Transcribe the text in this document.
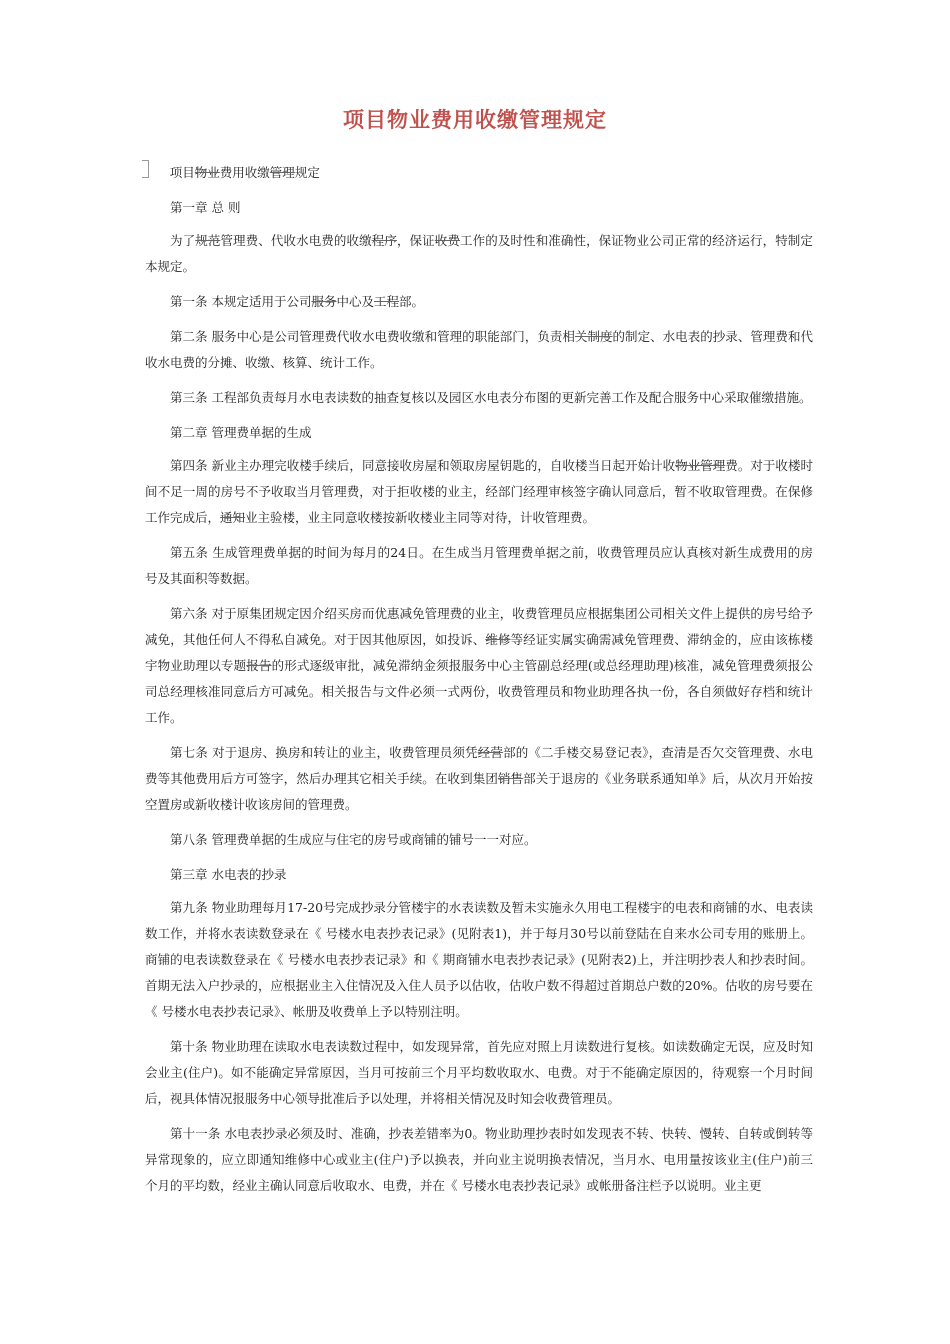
项目物业费用收缴管理规定

项目物业费用收缴管理规定

第一章 总 则

为了规范管理费、代收水电费的收缴程序，保证收费工作的及时性和准确性，保证物业公司正常的经济运行，特制定本规定。

第一条 本规定适用于公司服务中心及工程部。

第二条 服务中心是公司管理费代收水电费收缴和管理的职能部门，负责相关制度的制定、水电表的抄录、管理费和代收水电费的分摊、收缴、核算、统计工作。

第三条 工程部负责每月水电表读数的抽查复核以及园区水电表分布图的更新完善工作及配合服务中心采取催缴措施。

第二章 管理费单据的生成

第四条 新业主办理完收楼手续后，同意接收房屋和领取房屋钥匙的，自收楼当日起开始计收物业管理费。对于收楼时间不足一周的房号不予收取当月管理费，对于拒收楼的业主，经部门经理审核签字确认同意后，暂不收取管理费。在保修工作完成后，通知业主验楼，业主同意收楼按新收楼业主同等对待，计收管理费。

第五条 生成管理费单据的时间为每月的24日。在生成当月管理费单据之前，收费管理员应认真核对新生成费用的房号及其面积等数据。

第六条 对于原集团规定因介绍买房而优惠减免管理费的业主，收费管理员应根据集团公司相关文件上提供的房号给予减免，其他任何人不得私自减免。对于因其他原因，如投诉、维修等经证实属实确需减免管理费、滞纳金的，应由该栋楼宇物业助理以专题报告的形式逐级审批，减免滞纳金须报服务中心主管副总经理(或总经理助理)核准，减免管理费须报公司总经理核准同意后方可减免。相关报告与文件必须一式两份，收费管理员和物业助理各执一份，各自须做好存档和统计工作。

第七条 对于退房、换房和转让的业主，收费管理员须凭经营部的《二手楼交易登记表》，查清是否欠交管理费、水电费等其他费用后方可签字，然后办理其它相关手续。在收到集团销售部关于退房的《业务联系通知单》后，从次月开始按空置房或新收楼计收该房间的管理费。

第八条 管理费单据的生成应与住宅的房号或商铺的铺号一一对应。

第三章 水电表的抄录

第九条 物业助理每月17-20号完成抄录分管楼宇的水表读数及暂未实施永久用电工程楼宇的电表和商铺的水、电表读数工作，并将水表读数登录在《 号楼水电表抄表记录》(见附表1)，并于每月30号以前登陆在自来水公司专用的账册上。商铺的电表读数登录在《 号楼水电表抄表记录》和《 期商铺水电表抄表记录》(见附表2)上，并注明抄表人和抄表时间。首期无法入户抄录的，应根据业主入住情况及入住人员予以估收，估收户数不得超过首期总户数的20%。估收的房号要在《 号楼水电表抄表记录》、帐册及收费单上予以特别注明。

第十条 物业助理在读取水电表读数过程中，如发现异常，首先应对照上月读数进行复核。如读数确定无误，应及时知会业主(住户)。如不能确定异常原因，当月可按前三个月平均数收取水、电费。对于不能确定原因的，待观察一个月时间后，视具体情况报服务中心领导批准后予以处理，并将相关情况及时知会收费管理员。

第十一条 水电表抄录必须及时、准确，抄表差错率为0。物业助理抄表时如发现表不转、快转、慢转、自转或倒转等异常现象的，应立即通知维修中心或业主(住户)予以换表，并向业主说明换表情况，当月水、电用量按该业主(住户)前三个月的平均数，经业主确认同意后收取水、电费，并在《 号楼水电表抄表记录》或帐册备注栏予以说明。业主更
